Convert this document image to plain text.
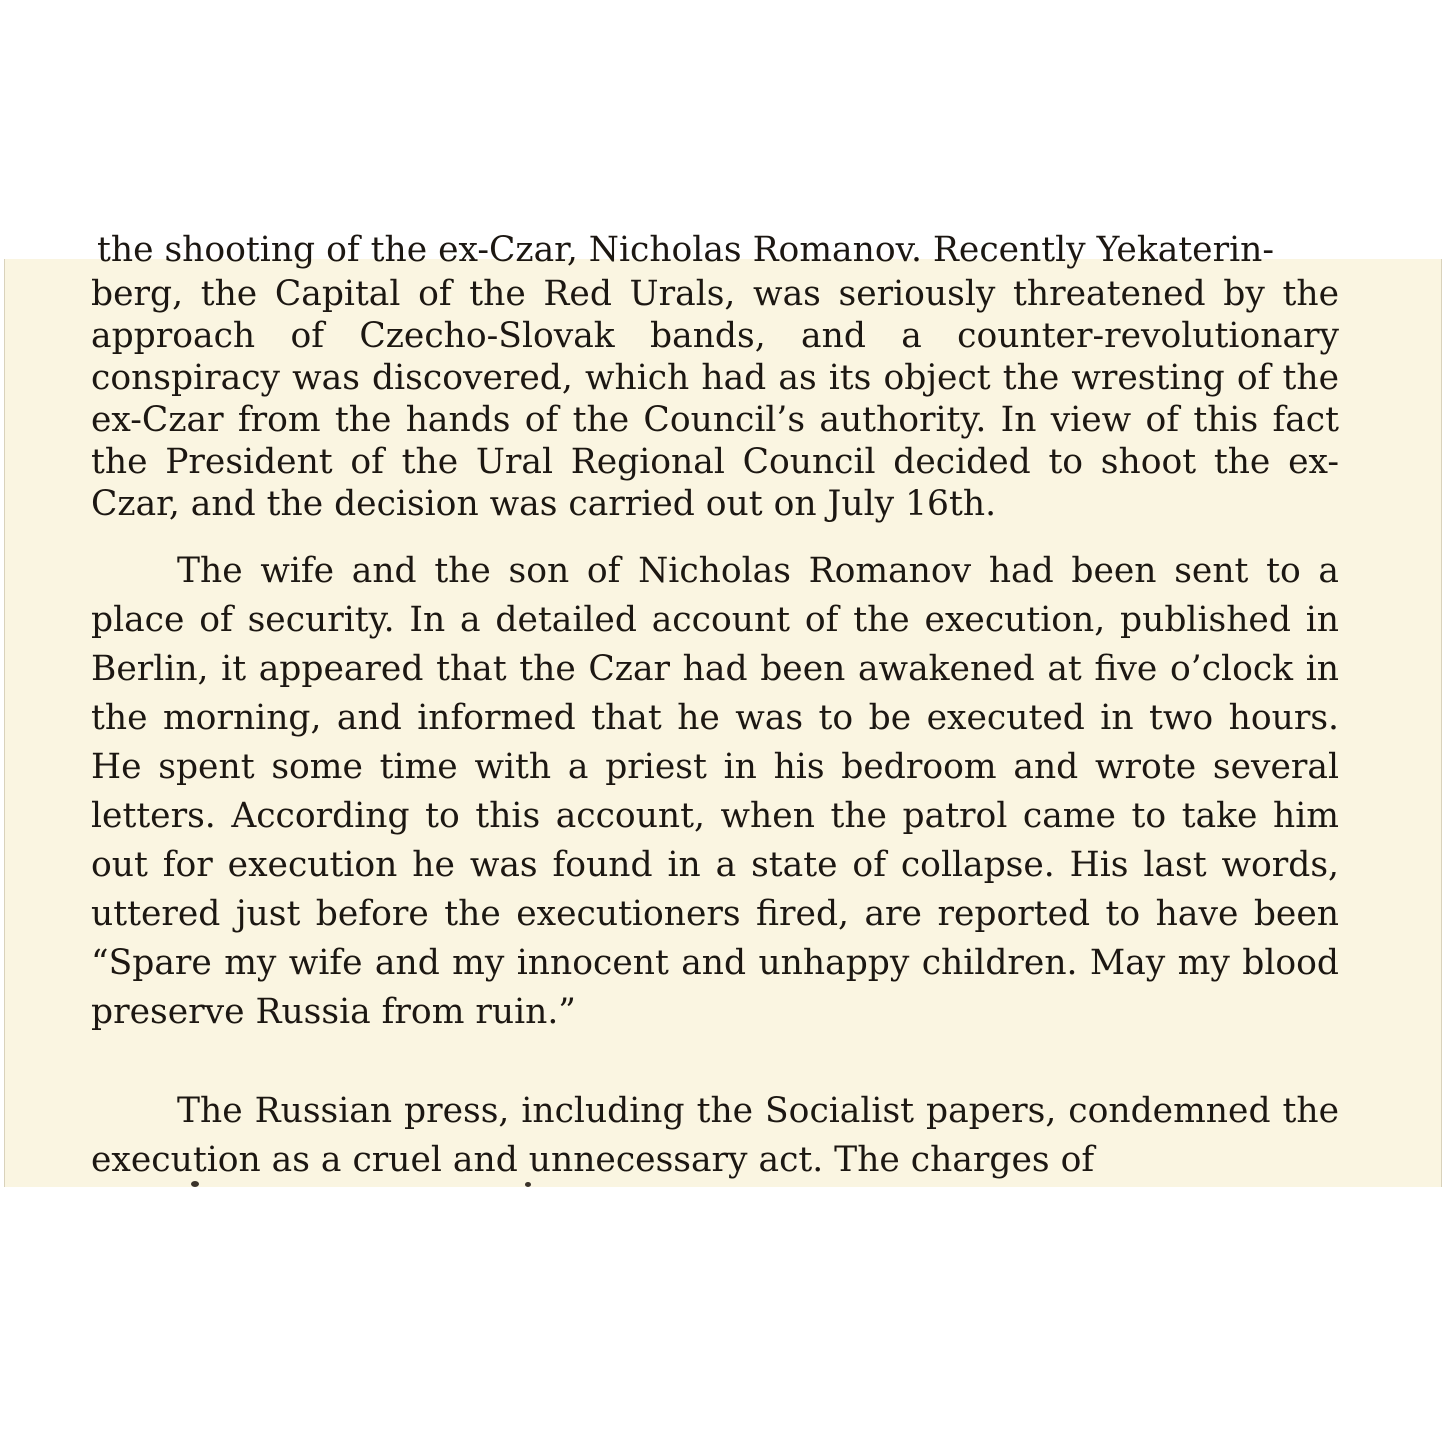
the shooting of the ex-Czar, Nicholas Romanov. Recently Yekaterin-

berg, the Capital of the Red Urals, was seriously threatened by the approach of Czecho-Slovak bands, and a counter-revolutionary conspiracy was discovered, which had as its object the wresting of the ex-Czar from the hands of the Council’s authority. In view of this fact the President of the Ural Regional Council decided to shoot the ex-Czar, and the decision was carried out on July 16th.

The wife and the son of Nicholas Romanov had been sent to a place of security. In a detailed account of the execution, published in Berlin, it appeared that the Czar had been awakened at five o’clock in the morning, and informed that he was to be executed in two hours. He spent some time with a priest in his bedroom and wrote several letters. According to this account, when the patrol came to take him out for execution he was found in a state of collapse. His last words, uttered just before the executioners fired, are reported to have been “Spare my wife and my innocent and unhappy children. May my blood preserve Russia from ruin.”

The Russian press, including the Socialist papers, condemned the execution as a cruel and unnecessary act. The charges of
